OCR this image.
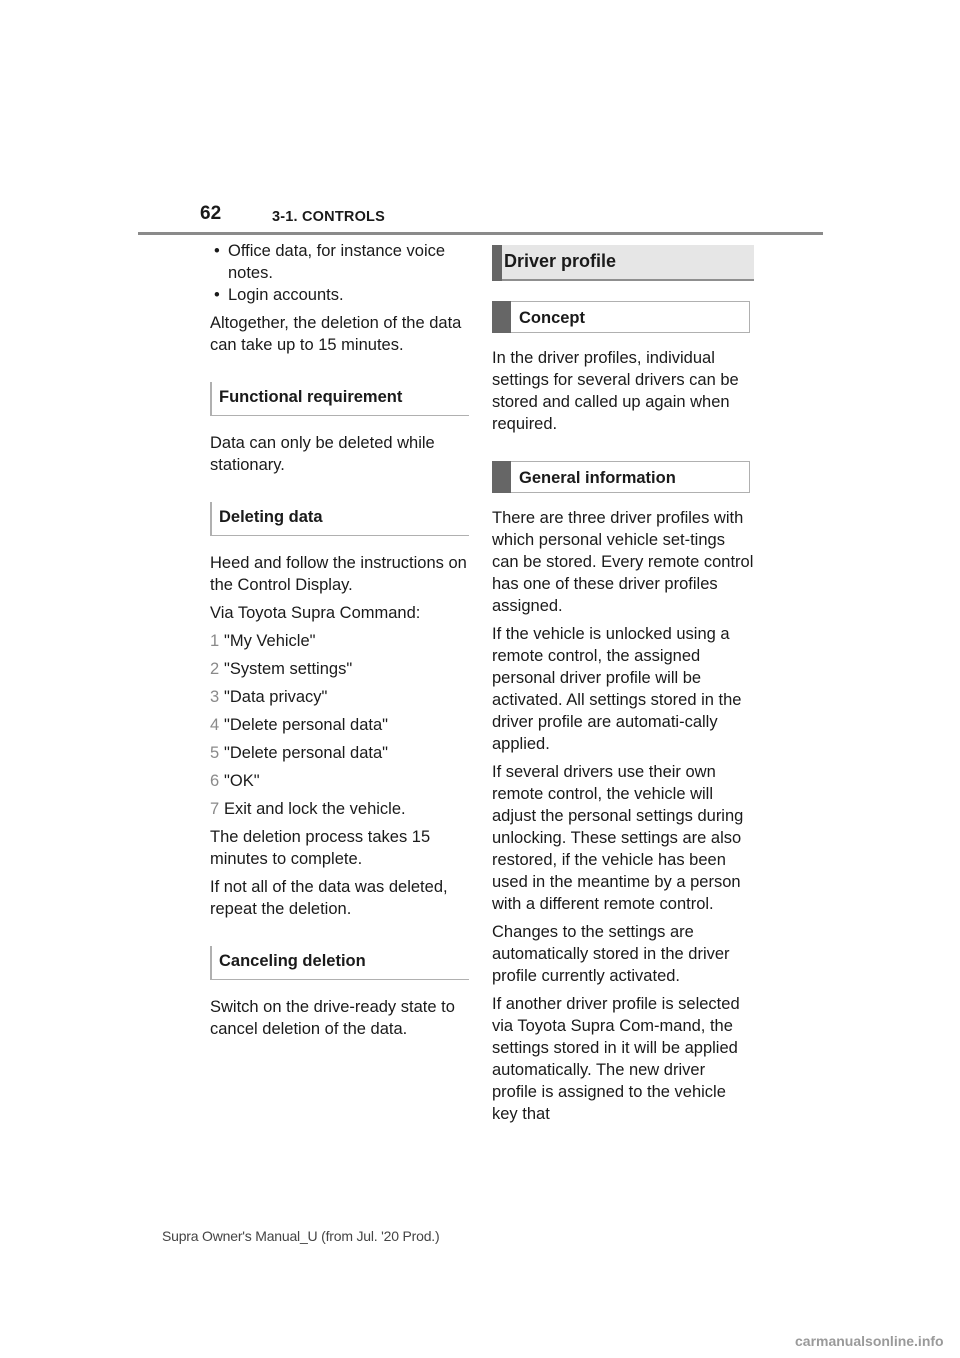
62	3-1. CONTROLS
• Office data, for instance voice notes.
• Login accounts.

Altogether, the deletion of the data can take up to 15 minutes.

Functional requirement

Data can only be deleted while stationary.

Deleting data

Heed and follow the instructions on the Control Display.

Via Toyota Supra Command:

1 "My Vehicle"
2 "System settings"
3 "Data privacy"
4 "Delete personal data"
5 "Delete personal data"
6 "OK"
7 Exit and lock the vehicle.

The deletion process takes 15 minutes to complete.

If not all of the data was deleted, repeat the deletion.

Canceling deletion

Switch on the drive-ready state to cancel deletion of the data.

Driver profile
Concept

In the driver profiles, individual settings for several drivers can be stored and called up again when required.

General information

There are three driver profiles with which personal vehicle set-tings can be stored. Every remote control has one of these driver profiles assigned.

If the vehicle is unlocked using a remote control, the assigned personal driver profile will be activated. All settings stored in the driver profile are automati-cally applied.

If several drivers use their own remote control, the vehicle will adjust the personal settings during unlocking. These settings are also restored, if the vehicle has been used in the meantime by a person with a different remote control.

Changes to the settings are automatically stored in the driver profile currently activated.

If another driver profile is selected via Toyota Supra Com-mand, the settings stored in it will be applied automatically. The new driver profile is assigned to the vehicle key that

Supra Owner's Manual_U (from Jul. '20 Prod.)
carmanualsonline.info
